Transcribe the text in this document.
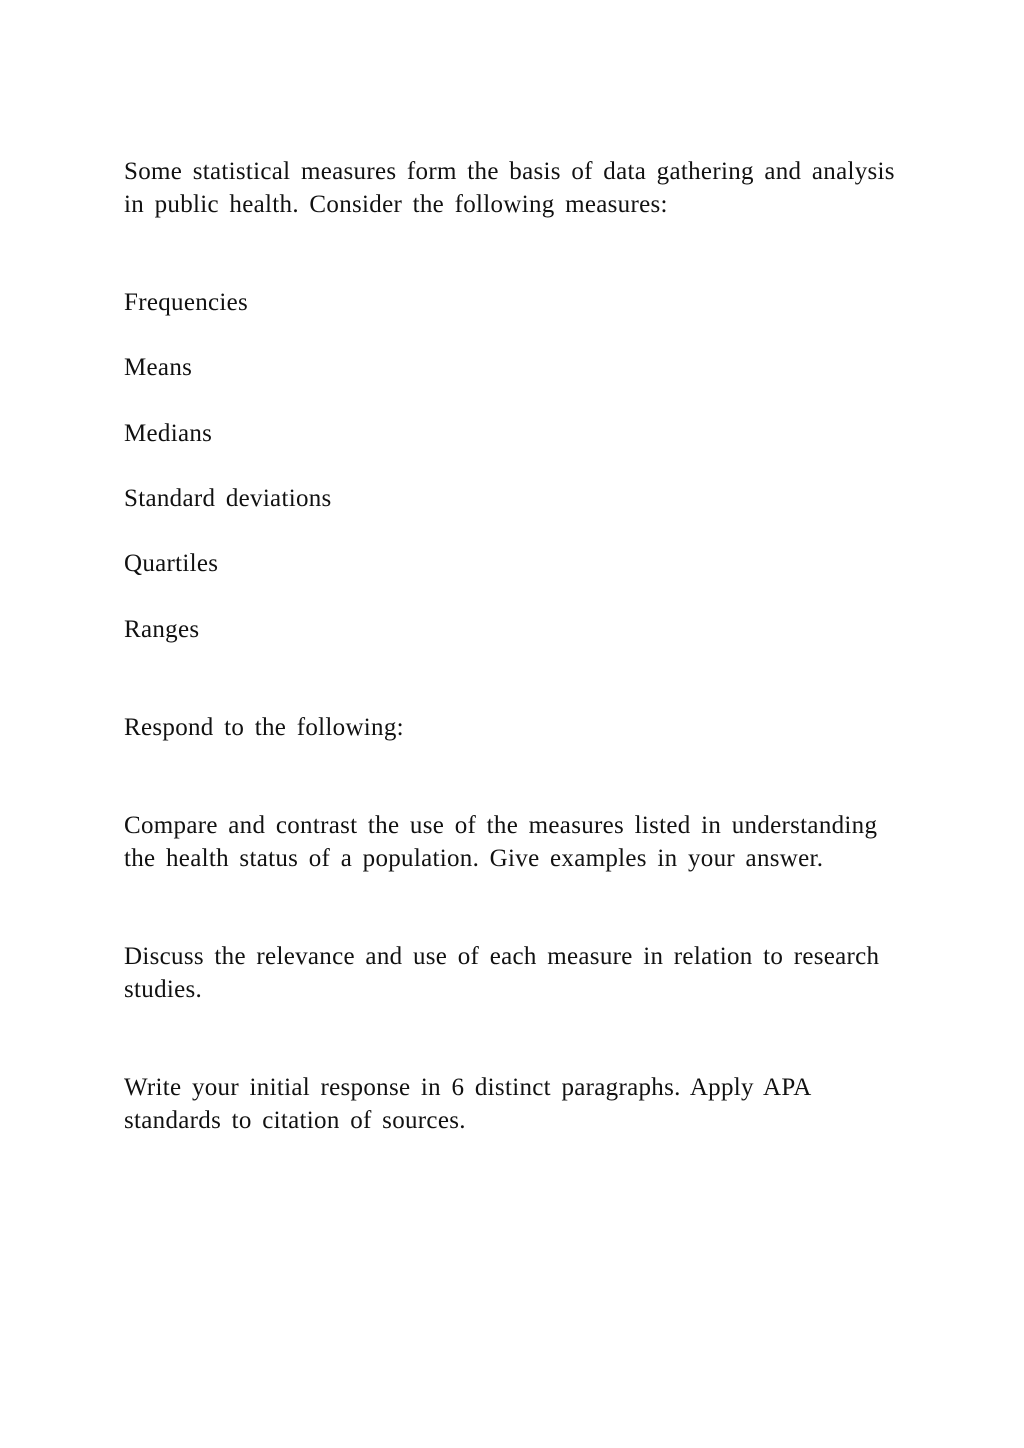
Some statistical measures form the basis of data gathering and analysis in public health. Consider the following measures:

Frequencies

Means

Medians

Standard deviations

Quartiles

Ranges

Respond to the following:

Compare and contrast the use of the measures listed in understanding the health status of a population. Give examples in your answer.

Discuss the relevance and use of each measure in relation to research studies.

Write your initial response in 6 distinct paragraphs. Apply APA standards to citation of sources.
